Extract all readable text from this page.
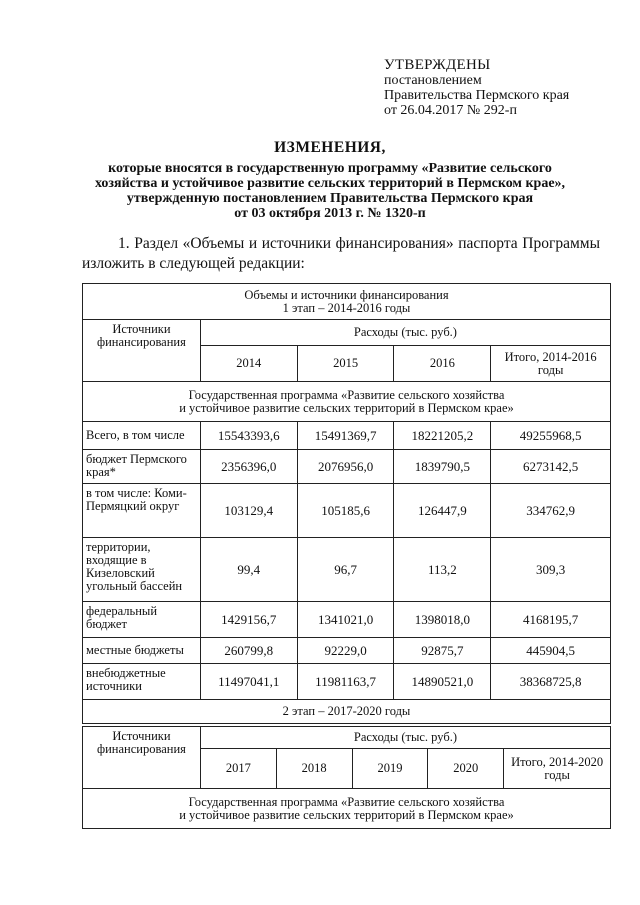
УТВЕРЖДЕНЫ
постановлением
Правительства Пермского края
от 26.04.2017 № 292-п
ИЗМЕНЕНИЯ,
которые вносятся в государственную программу «Развитие сельского
хозяйства и устойчивое развитие сельских территорий в Пермском крае»,
утвержденную постановлением Правительства Пермского края
от 03 октября 2013 г. № 1320-п
1. Раздел «Объемы и источники финансирования» паспорта Программы
изложить в следующей редакции:
Объемы и источники финансирования
1 этап – 2014-2016 годы				

Источники финансирования	Расходы (тыс. руб.)			
	2014	2015	2016	Итого, 2014-2016 годы

Государственная программа «Развитие сельского хозяйства
и устойчивое развитие сельских территорий в Пермском крае»				

Всего, в том числе	15543393,6	15491369,7	18221205,2	49255968,5
бюджет Пермского края*	2356396,0	2076956,0	1839790,5	6273142,5
в том числе: Коми-Пермяцкий округ	103129,4	105185,6	126447,9	334762,9
территории, входящие в Кизеловский угольный бассейн	99,4	96,7	113,2	309,3
федеральный бюджет	1429156,7	1341021,0	1398018,0	4168195,7
местные бюджеты	260799,8	92229,0	92875,7	445904,5
внебюджетные источники	11497041,1	11981163,7	14890521,0	38368725,8
2 этап – 2017-2020 годы				
Источники финансирования	Расходы (тыс. руб.)				
	2017	2018	2019	2020	Итого, 2014-2020 годы

Государственная программа «Развитие сельского хозяйства
и устойчивое развитие сельских территорий в Пермском крае»					
